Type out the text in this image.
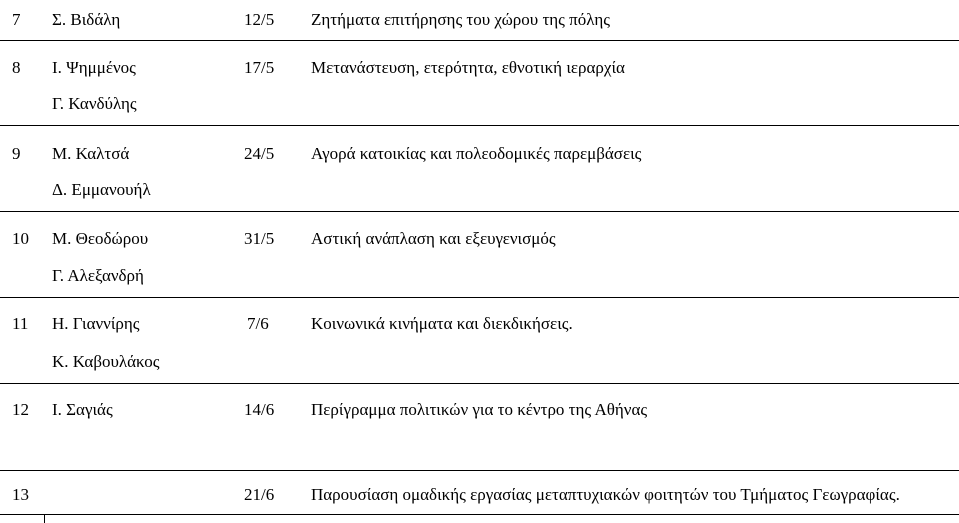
7 Σ. Βιδάλη	12/5 Ζητήματα επιτήρησης του χώρου της πόλης
8 Ι. Ψημμένος	17/5 Μετανάστευση, ετερότητα, εθνοτική ιεραρχία
Γ. Κανδύλης
9 Μ. Καλτσά	24/5 Αγορά κατοικίας και πολεοδομικές παρεμβάσεις
Δ. Εμμανουήλ
10 Μ. Θεοδώρου	31/5 Αστική ανάπλαση και εξευγενισμός
Γ. Αλεξανδρή
11 Η. Γιαννίρης	7/6 Κοινωνικά κινήματα και διεκδικήσεις.
Κ. Καβουλάκος
12 Ι. Σαγιάς	14/6 Περίγραμμα πολιτικών για το κέντρο της Αθήνας
13	21/6 Παρουσίαση ομαδικής εργασίας μεταπτυχιακών φοιτητών του Τμήματος Γεωγραφίας.
